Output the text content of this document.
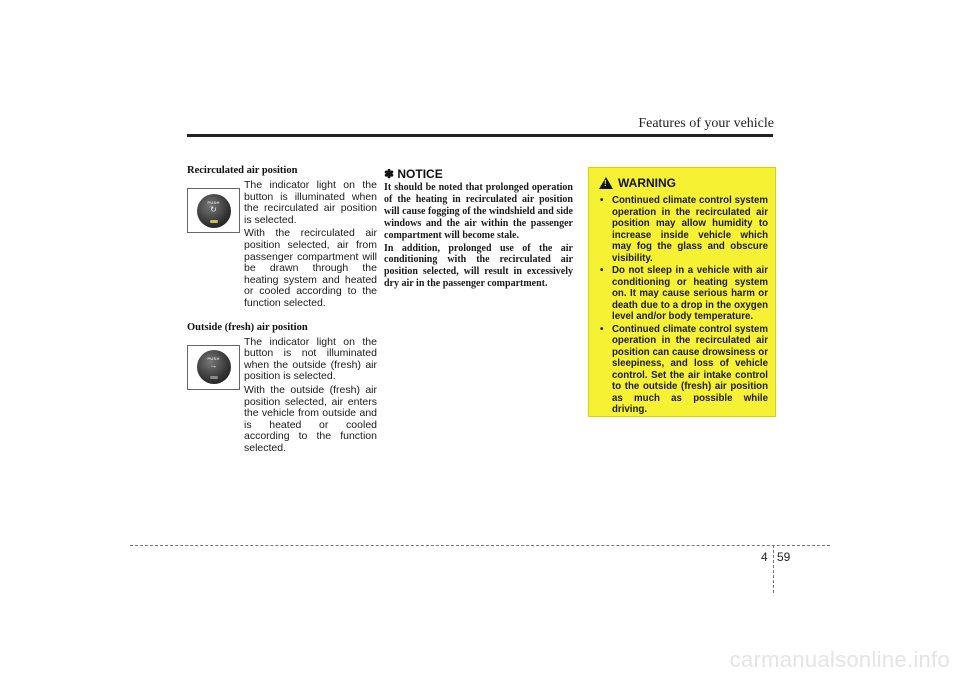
Features of your vehicle
Recirculated air position
PUSH
↻

The indicator light on the button is illuminated when the recirculated air position is selected.

With the recirculated air position selected, air from passenger compartment will be drawn through the heating system and heated or cooled according to the function selected.

Outside (fresh) air position
PUSH
→

The indicator light on the button is not illuminated when the outside (fresh) air position is selected.

With the outside (fresh) air position selected, air enters the vehicle from outside and is heated or cooled according to the function selected.

✽ NOTICE

It should be noted that prolonged operation of the heating in recirculated air position will cause fogging of the windshield and side windows and the air within the passenger compartment will become stale.

In addition, prolonged use of the air conditioning with the recirculated air position selected, will result in excessively dry air in the passenger compartment.

! WARNING
• Continued climate control system operation in the recirculated air position may allow humidity to increase inside vehicle which may fog the glass and obscure visibility.
• Do not sleep in a vehicle with air conditioning or heating system on. It may cause serious harm or death due to a drop in the oxygen level and/or body temperature.
• Continued climate control system operation in the recirculated air position can cause drowsiness or sleepiness, and loss of vehicle control. Set the air intake control to the outside (fresh) air position as much as possible while driving.
4 59
carmanualsonline.info
